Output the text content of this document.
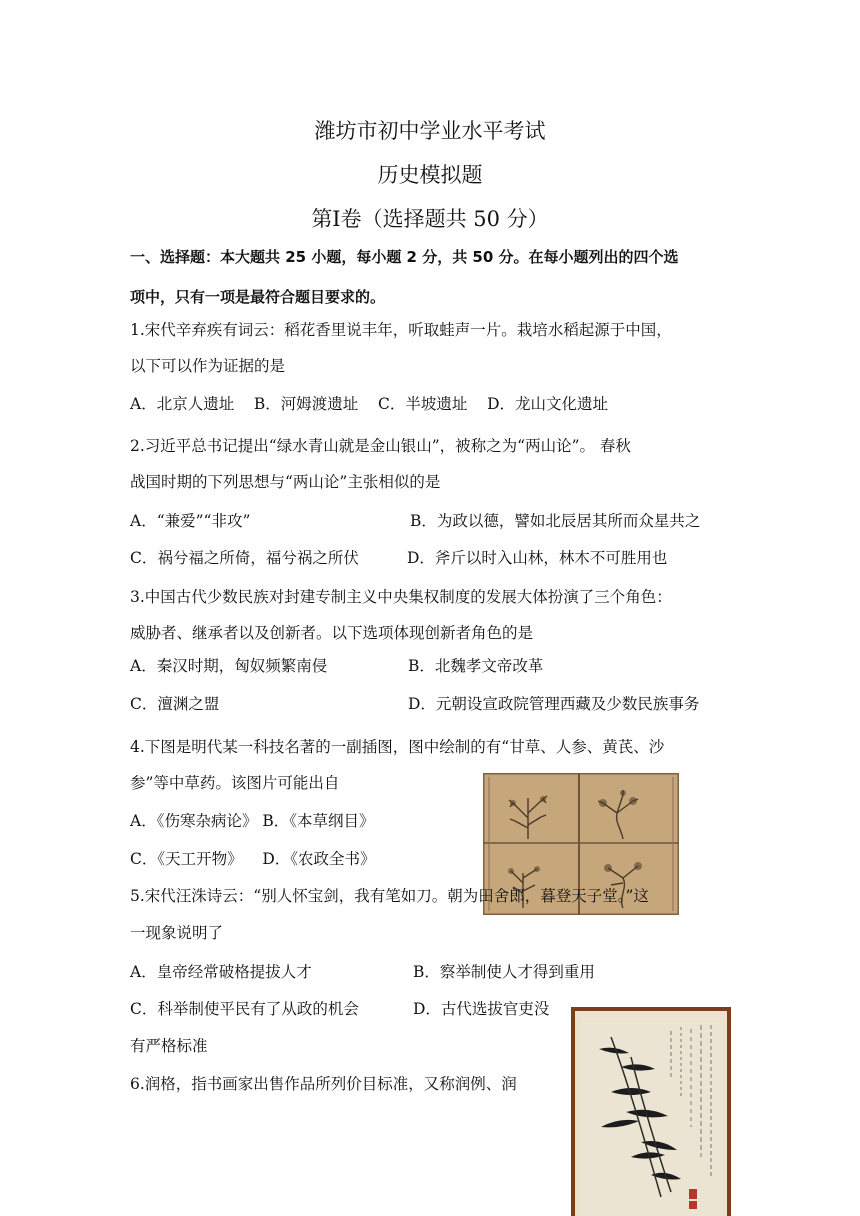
潍坊市初中学业水平考试
历史模拟题
第Ⅰ卷（选择题共 50 分）
一、选择题：本大题共 25 小题，每小题 2 分，共 50 分。在每小题列出的四个选
项中，只有一项是最符合题目要求的。
1.宋代辛弃疾有词云：稻花香里说丰年，听取蛙声一片。栽培水稻起源于中国，
以下可以作为证据的是
A．北京人遗址    B．河姆渡遗址    C．半坡遗址    D．龙山文化遗址
2.习近平总书记提出“绿水青山就是金山银山”，被称之为“两山论”。 春秋
战国时期的下列思想与“两山论”主张相似的是
A．“兼爱”“非攻”	B．为政以德，譬如北辰居其所而众星共之
C．祸兮福之所倚，福兮祸之所伏	D．斧斤以时入山林，林木不可胜用也
3.中国古代少数民族对封建专制主义中央集权制度的发展大体扮演了三个角色：
威胁者、继承者以及创新者。以下选项体现创新者角色的是
A．秦汉时期，匈奴频繁南侵	B．北魏孝文帝改革
C．澶渊之盟	D．元朝设宣政院管理西藏及少数民族事务
4.下图是明代某一科技名著的一副插图，图中绘制的有“甘草、人参、黄芪、沙
参”等中草药。该图片可能出自
A．《伤寒杂病论》 B．《本草纲目》
C．《天工开物》    D．《农政全书》
5.宋代汪洙诗云：“别人怀宝剑，我有笔如刀。朝为田舍郎，暮登天子堂。”这
一现象说明了
A．皇帝经常破格提拔人才	B．察举制使人才得到重用
C．科举制使平民有了从政的机会	D．古代选拔官吏没
有严格标准
6.润格，指书画家出售作品所列价目标准，又称润例、润
